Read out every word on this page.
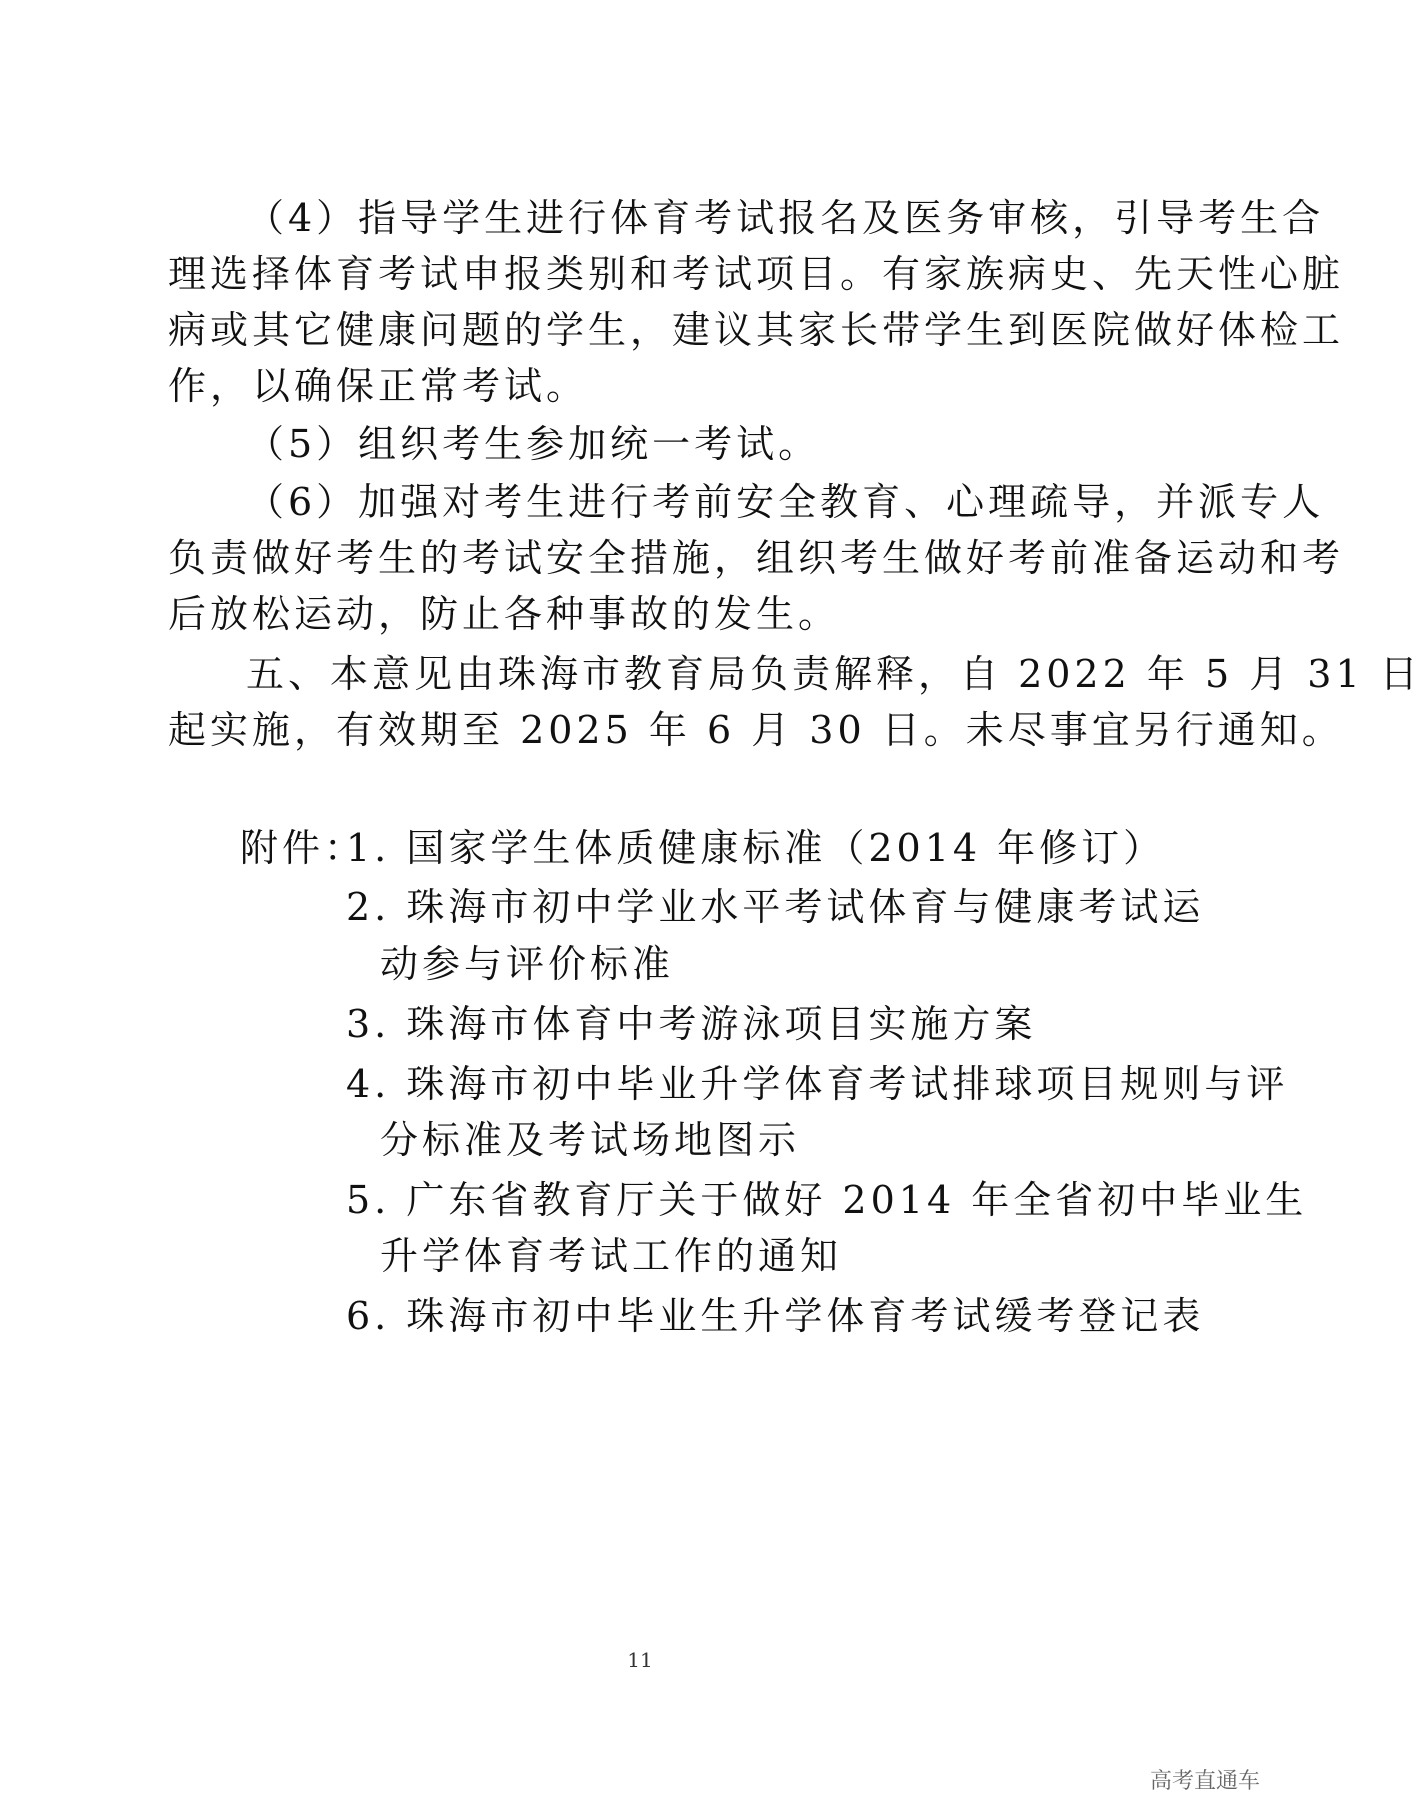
（4）指导学生进行体育考试报名及医务审核，引导考生合
理选择体育考试申报类别和考试项目。有家族病史、先天性心脏
病或其它健康问题的学生，建议其家长带学生到医院做好体检工
作，以确保正常考试。
（5）组织考生参加统一考试。
（6）加强对考生进行考前安全教育、心理疏导，并派专人
负责做好考生的考试安全措施，组织考生做好考前准备运动和考
后放松运动，防止各种事故的发生。
五、本意见由珠海市教育局负责解释，自 2022 年 5 月 31 日
起实施，有效期至 2025 年 6 月 30 日。未尽事宜另行通知。
附件：
1. 国家学生体质健康标准（2014 年修订）
2. 珠海市初中学业水平考试体育与健康考试运
动参与评价标准
3. 珠海市体育中考游泳项目实施方案
4. 珠海市初中毕业升学体育考试排球项目规则与评
分标准及考试场地图示
5. 广东省教育厅关于做好 2014 年全省初中毕业生
升学体育考试工作的通知
6. 珠海市初中毕业生升学体育考试缓考登记表
11
高考直通车
